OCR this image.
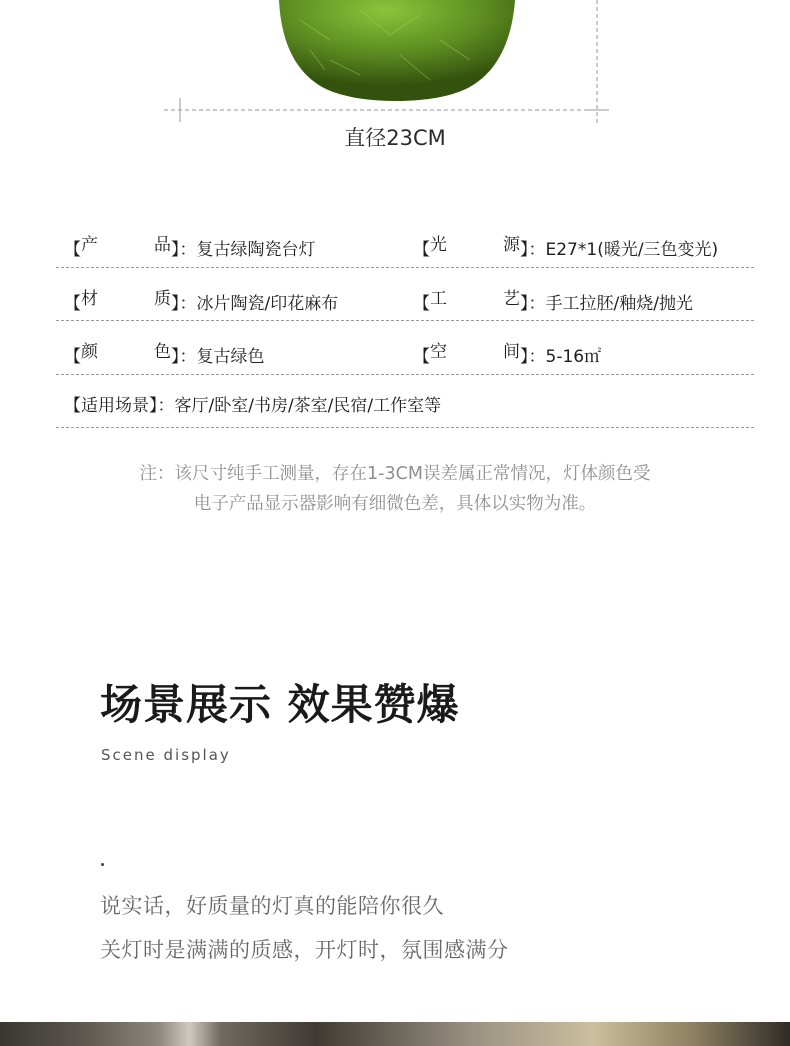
直径23CM
【 产	品 】：复古绿陶瓷台灯	【 光	源 】：E27*1(暖光/三色变光)
【 材	质 】：冰片陶瓷/印花麻布	【 工	艺 】：手工拉胚/釉烧/抛光
【 颜	色 】：复古绿色	【 空	间 】：5-16㎡
【适用场景】：客厅/卧室/书房/茶室/民宿/工作室等
注：该尺寸纯手工测量，存在1-3CM误差属正常情况，灯体颜色受
电子产品显示器影响有细微色差，具体以实物为准。
场景展示 效果赞爆
Scene display
说实话，好质量的灯真的能陪你很久
关灯时是满满的质感，开灯时，氛围感满分
